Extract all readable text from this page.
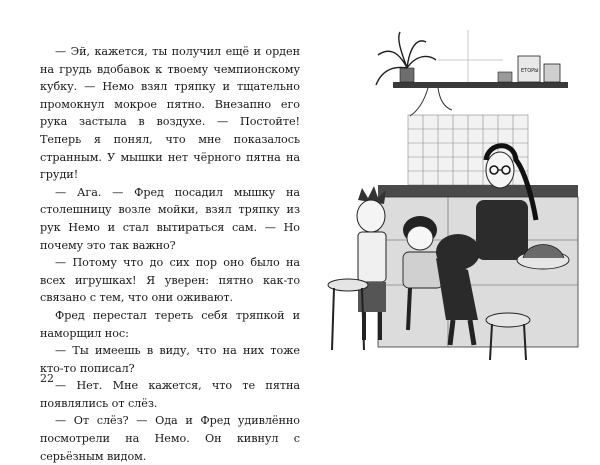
— Эй, кажется, ты получил ещё и орден на грудь вдобавок к твоему чемпионскому кубку. — Немо взял тряпку и тщательно промокнул мокрое пятно. Внезапно его рука застыла в воздухе. — Постойте! Теперь я понял, что мне показалось странным. У мышки нет чёрного пятна на груди!

— Ага. — Фред посадил мышку на столешницу возле мойки, взял тряпку из рук Немо и стал вытираться сам. — Но почему это так важно?

— Потому что до сих пор оно было на всех игрушках! Я уверен: пятно как-то связано с тем, что они оживают.

Фред перестал тереть себя тряпкой и наморщил нос:

— Ты имеешь в виду, что на них тоже кто-то пописал?

— Нет. Мне кажется, что те пятна появлялись от слёз.

— От слёз? — Ода и Фред удивлённо посмотрели на Немо. Он кивнул с серьёзным видом.

22
ЕТОРЫ
